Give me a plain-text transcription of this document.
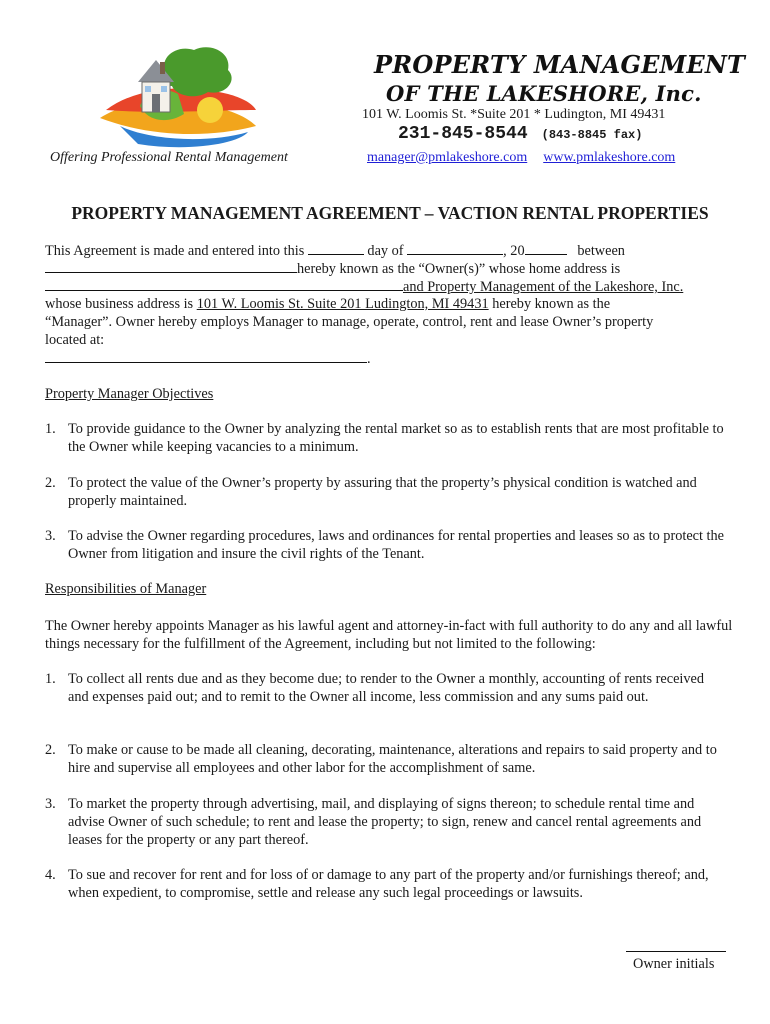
PROPERTY MANAGEMENT
OF THE LAKESHORE, Inc.
101 W. Loomis St. *Suite 201 * Ludington, MI 49431
231-845-8544 (843-8845 fax)
Offering Professional Rental Management	manager@pmlakeshore.com www.pmlakeshore.com
PROPERTY MANAGEMENT AGREEMENT – VACTION RENTAL PROPERTIES
This Agreement is made and entered into this	day of	, 20	between
hereby known as the “Owner(s)” whose home address is
and Property Management of the Lakeshore, Inc.
whose business address is 101 W. Loomis St. Suite 201 Ludington, MI 49431 hereby known as the
“Manager”. Owner hereby employs Manager to manage, operate, control, rent and lease Owner’s property
located at:
.
Property Manager Objectives
1. To provide guidance to the Owner by analyzing the rental market so as to establish rents that are most profitable to the Owner while keeping vacancies to a minimum.
2. To protect the value of the Owner’s property by assuring that the property’s physical condition is watched and properly maintained.
3. To advise the Owner regarding procedures, laws and ordinances for rental properties and leases so as to protect the Owner from litigation and insure the civil rights of the Tenant.
Responsibilities of Manager
The Owner hereby appoints Manager as his lawful agent and attorney-in-fact with full authority to do any and all lawful things necessary for the fulfillment of the Agreement, including but not limited to the following:
1. To collect all rents due and as they become due; to render to the Owner a monthly, accounting of rents received and expenses paid out; and to remit to the Owner all income, less commission and any sums paid out.
2. To make or cause to be made all cleaning, decorating, maintenance, alterations and repairs to said property and to hire and supervise all employees and other labor for the accomplishment of same.
3. To market the property through advertising, mail, and displaying of signs thereon; to schedule rental time and advise Owner of such schedule; to rent and lease the property; to sign, renew and cancel rental agreements and leases for the property or any part thereof.
4. To sue and recover for rent and for loss of or damage to any part of the property and/or furnishings thereof; and, when expedient, to compromise, settle and release any such legal proceedings or lawsuits.
Owner initials
